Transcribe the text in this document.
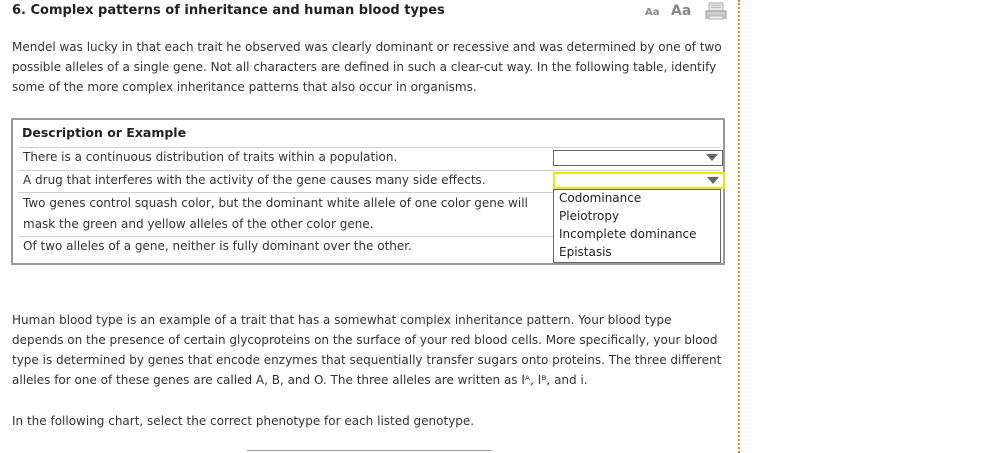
6. Complex patterns of inheritance and human blood types	Aa Aa
Mendel was lucky in that each trait he observed was clearly dominant or recessive and was determined by one of two
possible alleles of a single gene. Not all characters are defined in such a clear-cut way. In the following table, identify
some of the more complex inheritance patterns that also occur in organisms.
Description or Example
There is a continuous distribution of traits within a population.
A drug that interferes with the activity of the gene causes many side effects.
Two genes control squash color, but the dominant white allele of one color gene will
mask the green and yellow alleles of the other color gene.
Of two alleles of a gene, neither is fully dominant over the other.
Codominance
Pleiotropy
Incomplete dominance
Epistasis
Human blood type is an example of a trait that has a somewhat complex inheritance pattern. Your blood type
depends on the presence of certain glycoproteins on the surface of your red blood cells. More specifically, your blood
type is determined by genes that encode enzymes that sequentially transfer sugars onto proteins. The three different
alleles for one of these genes are called A, B, and O. The three alleles are written as Iᴬ, Iᴮ, and i.
In the following chart, select the correct phenotype for each listed genotype.
